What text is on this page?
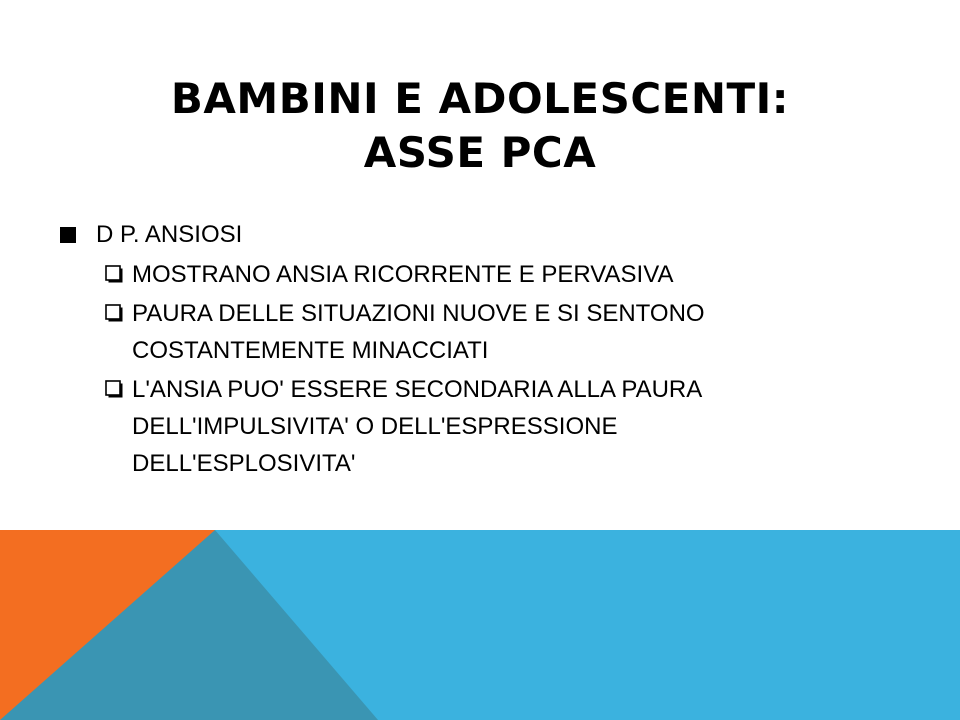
BAMBINI E ADOLESCENTI:
ASSE PCA
D P. ANSIOSI
MOSTRANO ANSIA RICORRENTE E PERVASIVA
PAURA DELLE SITUAZIONI NUOVE E SI SENTONO COSTANTEMENTE MINACCIATI
L'ANSIA PUO' ESSERE SECONDARIA ALLA PAURA DELL'IMPULSIVITA' O DELL'ESPRESSIONE DELL'ESPLOSIVITA'
